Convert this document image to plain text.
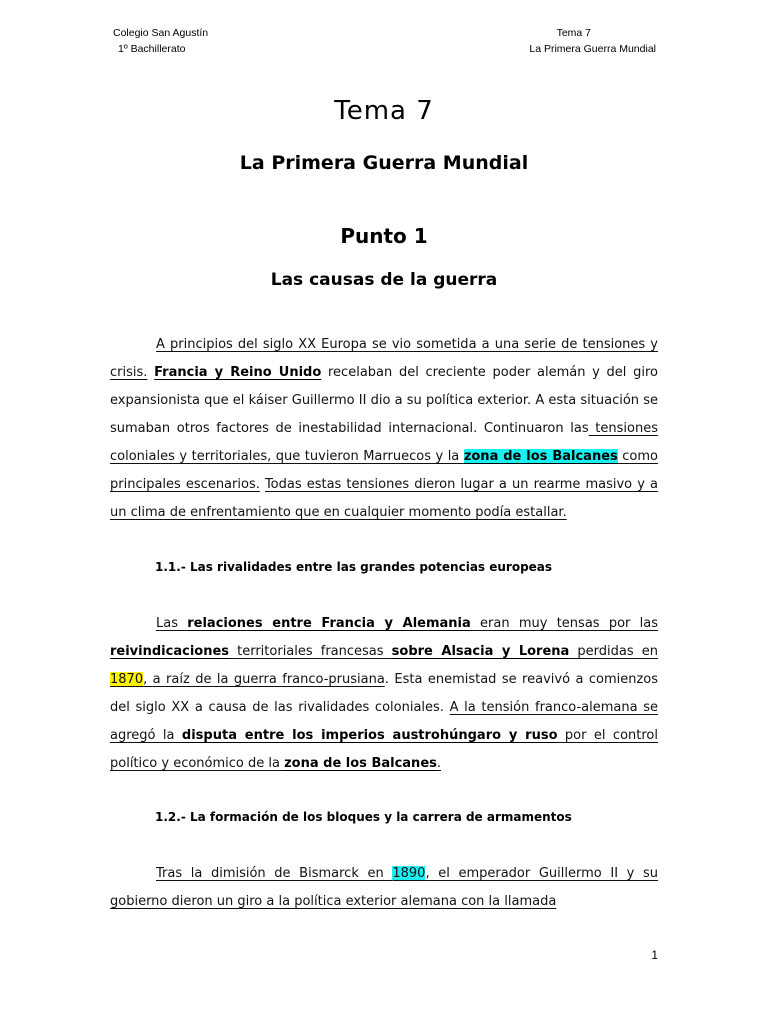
Colegio San Agustín
1º Bachillerato
Tema 7
La Primera Guerra Mundial
Tema 7
La Primera Guerra Mundial
Punto 1
Las causas de la guerra
A principios del siglo XX Europa se vio sometida a una serie de tensiones y crisis. Francia y Reino Unido recelaban del creciente poder alemán y del giro expansionista que el káiser Guillermo II dio a su política exterior. A esta situación se sumaban otros factores de inestabilidad internacional. Continuaron las tensiones coloniales y territoriales, que tuvieron Marruecos y la zona de los Balcanes como principales escenarios. Todas estas tensiones dieron lugar a un rearme masivo y a un clima de enfrentamiento que en cualquier momento podía estallar.
1.1.- Las rivalidades entre las grandes potencias europeas
Las relaciones entre Francia y Alemania eran muy tensas por las reivindicaciones territoriales francesas sobre Alsacia y Lorena perdidas en 1870, a raíz de la guerra franco-prusiana. Esta enemistad se reavivó a comienzos del siglo XX a causa de las rivalidades coloniales. A la tensión franco-alemana se agregó la disputa entre los imperios austrohúngaro y ruso por el control político y económico de la zona de los Balcanes.
1.2.- La formación de los bloques y la carrera de armamentos
Tras la dimisión de Bismarck en 1890, el emperador Guillermo II y su gobierno dieron un giro a la política exterior alemana con la llamada
1
